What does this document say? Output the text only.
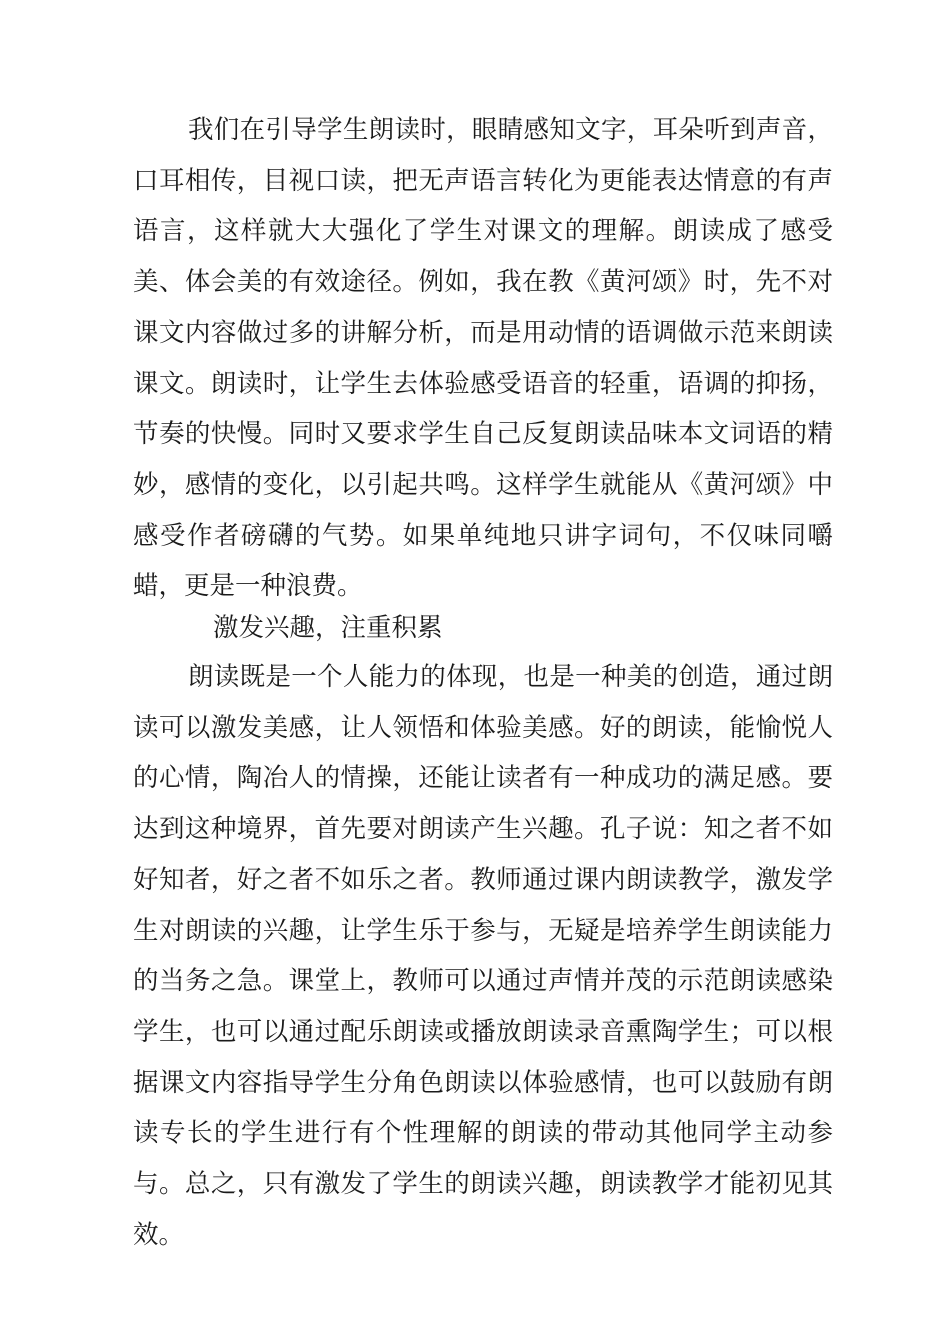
我们在引导学生朗读时，眼睛感知文字，耳朵听到声音，口耳相传，目视口读，把无声语言转化为更能表达情意的有声语言，这样就大大强化了学生对课文的理解。朗读成了感受美、体会美的有效途径。例如，我在教《黄河颂》时，先不对课文内容做过多的讲解分析，而是用动情的语调做示范来朗读课文。朗读时，让学生去体验感受语音的轻重，语调的抑扬，节奏的快慢。同时又要求学生自己反复朗读品味本文词语的精妙，感情的变化，以引起共鸣。这样学生就能从《黄河颂》中感受作者磅礴的气势。如果单纯地只讲字词句，不仅味同嚼蜡，更是一种浪费。

激发兴趣，注重积累

朗读既是一个人能力的体现，也是一种美的创造，通过朗读可以激发美感，让人领悟和体验美感。好的朗读，能愉悦人的心情，陶冶人的情操，还能让读者有一种成功的满足感。要达到这种境界，首先要对朗读产生兴趣。孔子说：知之者不如好知者，好之者不如乐之者。教师通过课内朗读教学，激发学生对朗读的兴趣，让学生乐于参与，无疑是培养学生朗读能力的当务之急。课堂上，教师可以通过声情并茂的示范朗读感染学生，也可以通过配乐朗读或播放朗读录音熏陶学生；可以根据课文内容指导学生分角色朗读以体验感情，也可以鼓励有朗读专长的学生进行有个性理解的朗读的带动其他同学主动参与。总之，只有激发了学生的朗读兴趣，朗读教学才能初见其效。
